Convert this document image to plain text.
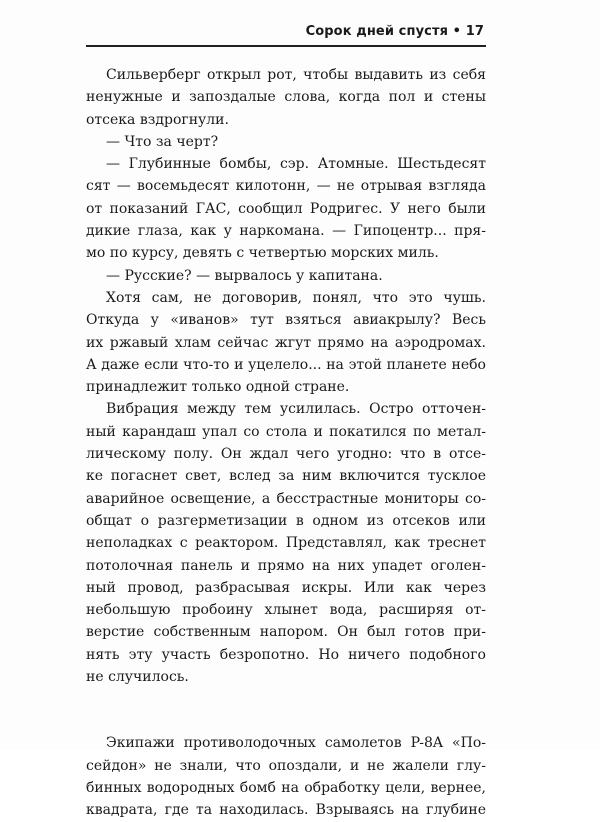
Сорок дней спустя • 17
Сильверберг открыл рот, чтобы выдавить из себя
ненужные и запоздалые слова, когда пол и стены
отсека вздрогнули.
— Что за черт?
— Глубинные бомбы, сэр. Атомные. Шестьдесят
сят — восемьдесят килотонн, — не отрывая взгляда
от показаний ГАС, сообщил Родригес. У него были
дикие глаза, как у наркомана. — Гипоцентр... пря-
мо по курсу, девять с четвертью морских миль.
— Русские? — вырвалось у капитана.
Хотя сам, не договорив, понял, что это чушь.
Откуда у «иванов» тут взяться авиакрылу? Весь
их ржавый хлам сейчас жгут прямо на аэродромах.
А даже если что-то и уцелело... на этой планете небо
принадлежит только одной стране.
Вибрация между тем усилилась. Остро отточен-
ный карандаш упал со стола и покатился по метал-
лическому полу. Он ждал чего угодно: что в отсе-
ке погаснет свет, вслед за ним включится тусклое
аварийное освещение, а бесстрастные мониторы со-
общат о разгерметизации в одном из отсеков или
неполадках с реактором. Представлял, как треснет
потолочная панель и прямо на них упадет оголен-
ный провод, разбрасывая искры. Или как через
небольшую пробоину хлынет вода, расширяя от-
верстие собственным напором. Он был готов при-
нять эту участь безропотно. Но ничего подобного
не случилось.
Экипажи противолодочных самолетов P-8A «По-
сейдон» не знали, что опоздали, и не жалели глу-
бинных водородных бомб на обработку цели, вернее,
квадрата, где та находилась. Взрываясь на глубине
